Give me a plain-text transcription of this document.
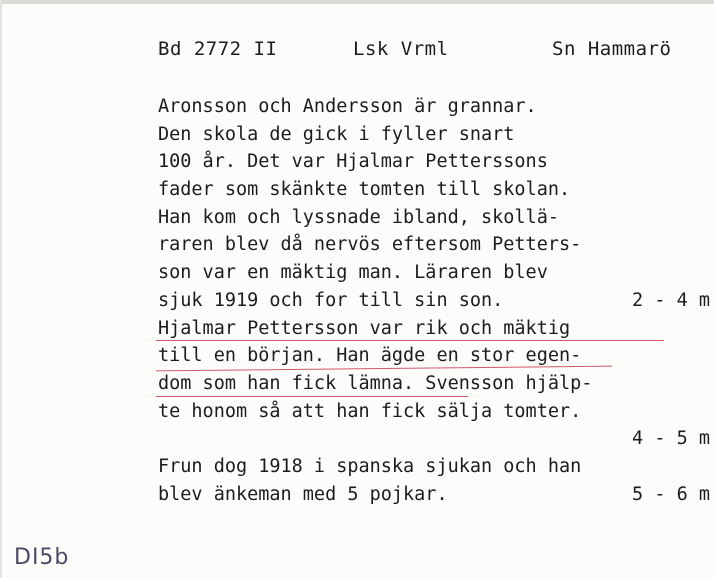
Bd 2772 II	Lsk Vrml	Sn Hammarö
Aronsson och Andersson är grannar.
Den skola de gick i fyller snart
100 år. Det var Hjalmar Petterssons
fader som skänkte tomten till skolan.
Han kom och lyssnade ibland, skollä-
raren blev då nervös eftersom Petters-
son var en mäktig man. Läraren blev
sjuk 1919 och for till sin son.	2 - 4 m
Hjalmar Pettersson var rik och mäktig
till en början. Han ägde en stor egen-
dom som han fick lämna. Svensson hjälp-
te honom så att han fick sälja tomter.
4 - 5 m
Frun dog 1918 i spanska sjukan och han
blev änkeman med 5 pojkar.	5 - 6 m
DI5b
